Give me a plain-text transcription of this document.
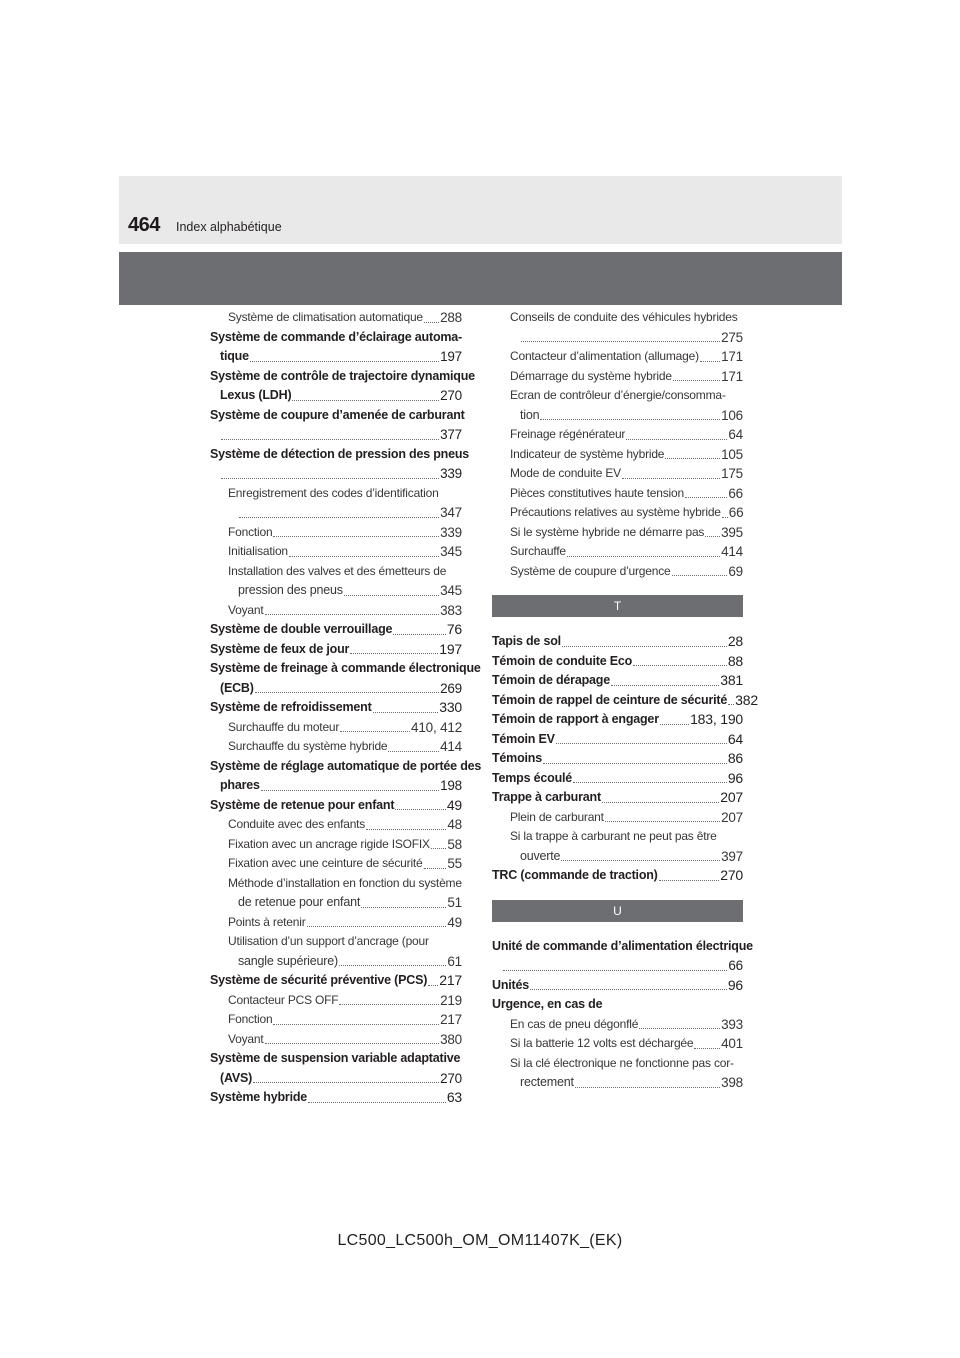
464 Index alphabétique
Système de climatisation automatique 288
Système de commande d’éclairage automa-
tique	197
Système de contrôle de trajectoire dynamique
Lexus (LDH)	270
Système de coupure d’amenée de carburant
377
Système de détection de pression des pneus
339
Enregistrement des codes d’identification
347
Fonction	339
Initialisation	345
Installation des valves et des émetteurs de
pression des pneus	345
Voyant	383
Système de double verrouillage	76
Système de feux de jour	197
Système de freinage à commande électronique
(ECB)	269
Système de refroidissement	330
Surchauffe du moteur	410, 412
Surchauffe du système hybride	414
Système de réglage automatique de portée des
phares	198
Système de retenue pour enfant	49
Conduite avec des enfants	48
Fixation avec un ancrage rigide ISOFIX 58
Fixation avec une ceinture de sécurité 55
Méthode d’installation en fonction du système
de retenue pour enfant	51
Points à retenir	49
Utilisation d’un support d’ancrage (pour
sangle supérieure)	61
Système de sécurité préventive (PCS) 217
Contacteur PCS OFF	219
Fonction	217
Voyant	380
Système de suspension variable adaptative
(AVS)	270
Système hybride	63
Conseils de conduite des véhicules hybrides
275
Contacteur d’alimentation (allumage) 171
Démarrage du système hybride	171
Ecran de contrôleur d’énergie/consomma-
tion	106
Freinage régénérateur	64
Indicateur de système hybride	105
Mode de conduite EV	175
Pièces constitutives haute tension	66
Précautions relatives au système hybride 66
Si le système hybride ne démarre pas 395
Surchauffe	414
Système de coupure d’urgence	69
T
Tapis de sol	28
Témoin de conduite Eco	88
Témoin de dérapage	381
Témoin de rappel de ceinture de sécurité 382
Témoin de rapport à engager 183, 190
Témoin EV	64
Témoins	86
Temps écoulé	96
Trappe à carburant	207
Plein de carburant	207
Si la trappe à carburant ne peut pas être
ouverte	397
TRC (commande de traction)	270
U
Unité de commande d’alimentation électrique
66
Unités	96
Urgence, en cas de
En cas de pneu dégonflé	393
Si la batterie 12 volts est déchargée 401
Si la clé électronique ne fonctionne pas cor-
rectement	398
LC500_LC500h_OM_OM11407K_(EK)
